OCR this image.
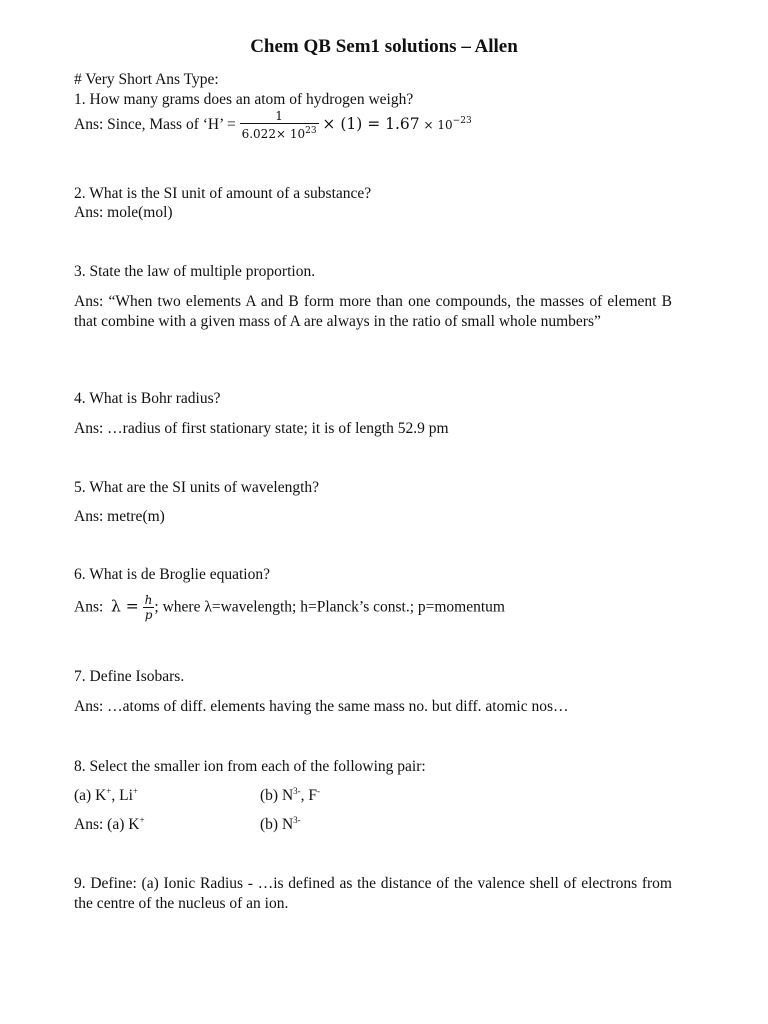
Chem QB Sem1 solutions – Allen
# Very Short Ans Type:
1. How many grams does an atom of hydrogen weigh?
Ans: Since, Mass of ‘H’ = $\frac{1}{6.022\times 10^{23}} \times (1) = 1.67 \times 10^{-23}$
2. What is the SI unit of amount of a substance?
Ans: mole(mol)
3. State the law of multiple proportion.
Ans: “When two elements A and B form more than one compounds, the masses of element B that combine with a given mass of A are always in the ratio of small whole numbers”
4. What is Bohr radius?
Ans: …radius of first stationary state; it is of length 52.9 pm
5. What are the SI units of wavelength?
Ans: metre(m)
6. What is de Broglie equation?
Ans: $\lambda = \frac{h}{p}$ ; where λ=wavelength; h=Planck’s const.; p=momentum
7. Define Isobars.
Ans: …atoms of diff. elements having the same mass no. but diff. atomic nos…
8. Select the smaller ion from each of the following pair:
(a) K+, Li+	(b) $N^{3-}$, F-
Ans: (a) K+	(b) $N^{3-}$
9. Define: (a) Ionic Radius - …is defined as the distance of the valence shell of electrons from the centre of the nucleus of an ion.
